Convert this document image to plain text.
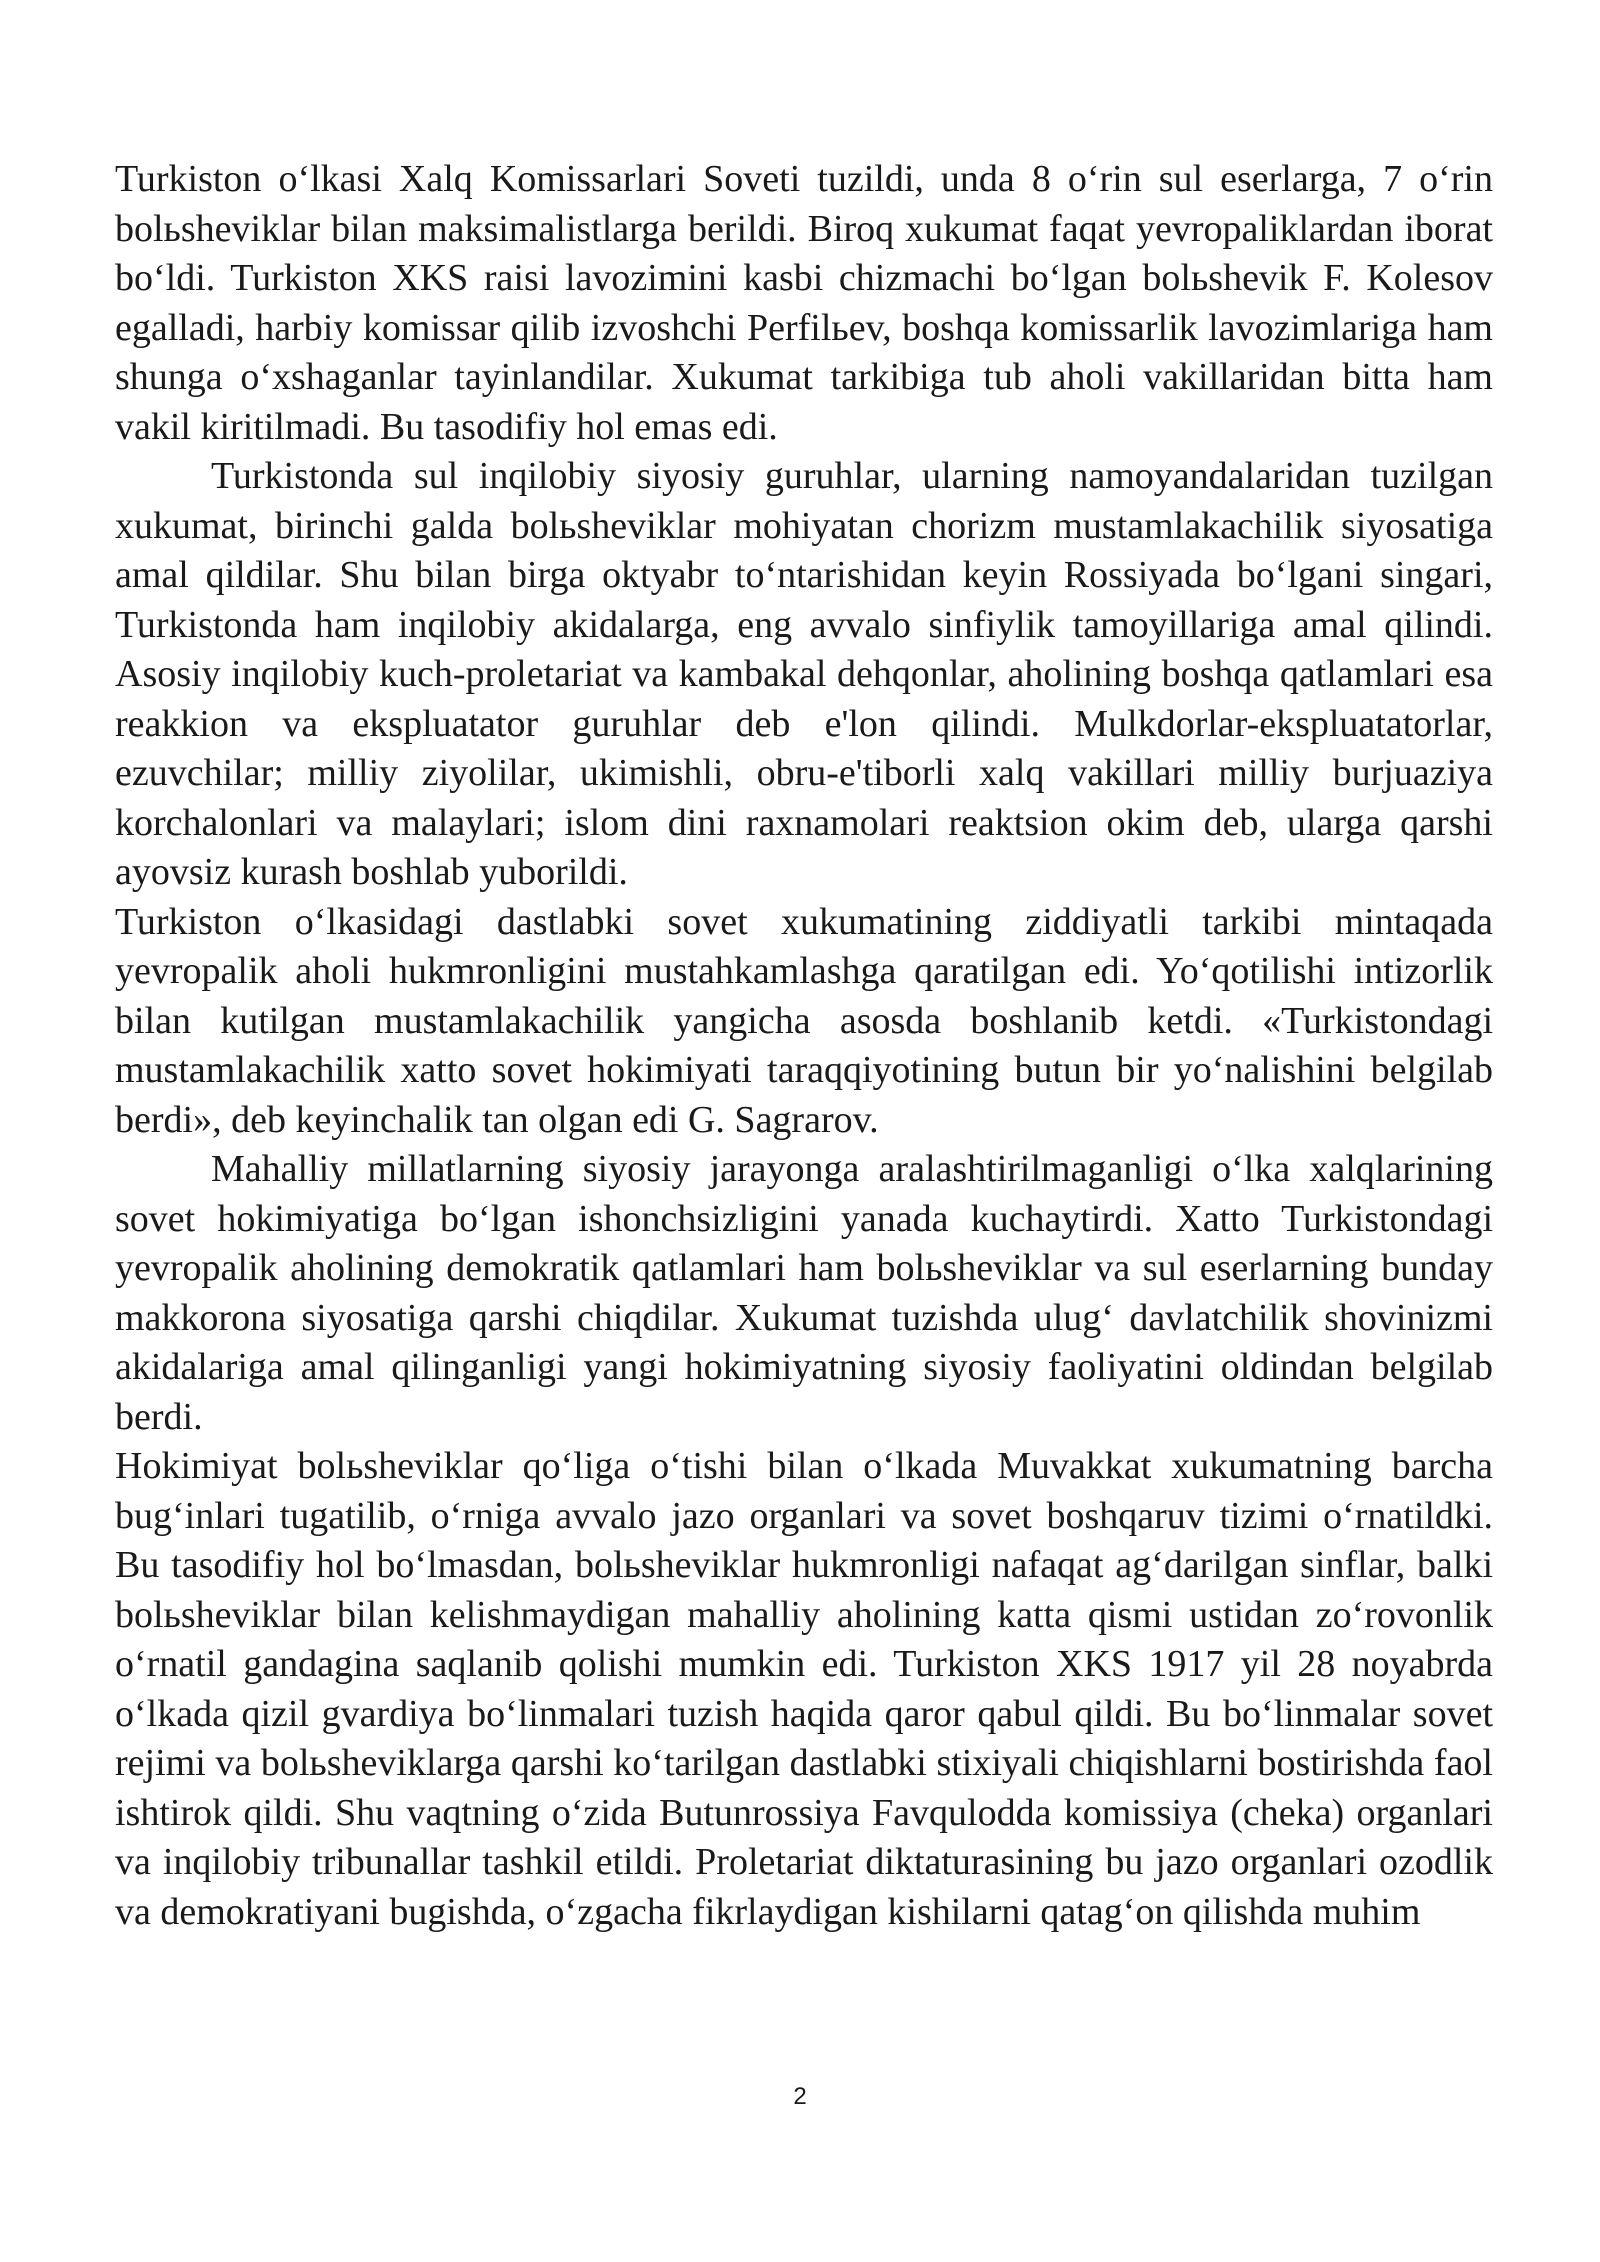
Turkiston o‘lkasi Xalq Komissarlari Soveti tuzildi, unda 8 o‘rin sul eserlarga, 7 o‘rin bolьsheviklar bilan maksimalistlarga berildi. Biroq xukumat faqat yevropaliklardan iborat bo‘ldi. Turkiston XKS raisi lavozimini kasbi chizmachi bo‘lgan bolьshevik F. Kolesov egalladi, harbiy komissar qilib izvoshchi Perfilьev, boshqa komissarlik lavozimlariga ham shunga o‘xshaganlar tayinlandilar. Xukumat tarkibiga tub aholi vakillaridan bitta ham vakil kiritilmadi. Bu tasodifiy hol emas edi.

Turkistonda sul inqilobiy siyosiy guruhlar, ularning namoyandalaridan tuzilgan xukumat, birinchi galda bolьsheviklar mohiyatan chorizm mustamlakachilik siyosatiga amal qildilar. Shu bilan birga oktyabr to‘ntarishidan keyin Rossiyada bo‘lgani singari, Turkistonda ham inqilobiy akidalarga, eng avvalo sinfiylik tamoyillariga amal qilindi. Asosiy inqilobiy kuch-proletariat va kambakal dehqonlar, aholining boshqa qatlamlari esa reakkion va ekspluatator guruhlar deb e'lon qilindi. Mulkdorlar-ekspluatatorlar, ezuvchilar; milliy ziyolilar, ukimishli, obru-e'tiborli xalq vakillari milliy burjuaziya korchalonlari va malaylari; islom dini raxnamolari reaktsion okim deb, ularga qarshi ayovsiz kurash boshlab yuborildi.

Turkiston o‘lkasidagi dastlabki sovet xukumatining ziddiyatli tarkibi mintaqada yevropalik aholi hukmronligini mustahkamlashga qaratilgan edi. Yo‘qotilishi intizorlik bilan kutilgan mustamlakachilik yangicha asosda boshlanib ketdi. «Turkistondagi mustamlakachilik xatto sovet hokimiyati taraqqiyotining butun bir yo‘nalishini belgilab berdi», deb keyinchalik tan olgan edi G. Sagrarov.

Mahalliy millatlarning siyosiy jarayonga aralashtirilmaganligi o‘lka xalqlarining sovet hokimiyatiga bo‘lgan ishonchsizligini yanada kuchaytirdi. Xatto Turkistondagi yevropalik aholining demokratik qatlamlari ham bolьsheviklar va sul eserlarning bunday makkorona siyosatiga qarshi chiqdilar. Xukumat tuzishda ulug‘ davlatchilik shovinizmi akidalariga amal qilinganligi yangi hokimiyatning siyosiy faoliyatini oldindan belgilab berdi.

Hokimiyat bolьsheviklar qo‘liga o‘tishi bilan o‘lkada Muvakkat xukumatning barcha bug‘inlari tugatilib, o‘rniga avvalo jazo organlari va sovet boshqaruv tizimi o‘rnatildki. Bu tasodifiy hol bo‘lmasdan, bolьsheviklar hukmronligi nafaqat ag‘darilgan sinflar, balki bolьsheviklar bilan kelishmaydigan mahalliy aholining katta qismi ustidan zo‘rovonlik o‘rnatil gandagina saqlanib qolishi mumkin edi. Turkiston XKS 1917 yil 28 noyabrda o‘lkada qizil gvardiya bo‘linmalari tuzish haqida qaror qabul qildi. Bu bo‘linmalar sovet rejimi va bolьsheviklarga qarshi ko‘tarilgan dastlabki stixiyali chiqishlarni bostirishda faol ishtirok qildi. Shu vaqtning o‘zida Butunrossiya Favqulodda komissiya (cheka) organlari va inqilobiy tribunallar tashkil etildi. Proletariat diktaturasining bu jazo organlari ozodlik va demokratiyani bugishda, o‘zgacha fikrlaydigan kishilarni qatag‘on qilishda muhim

2
